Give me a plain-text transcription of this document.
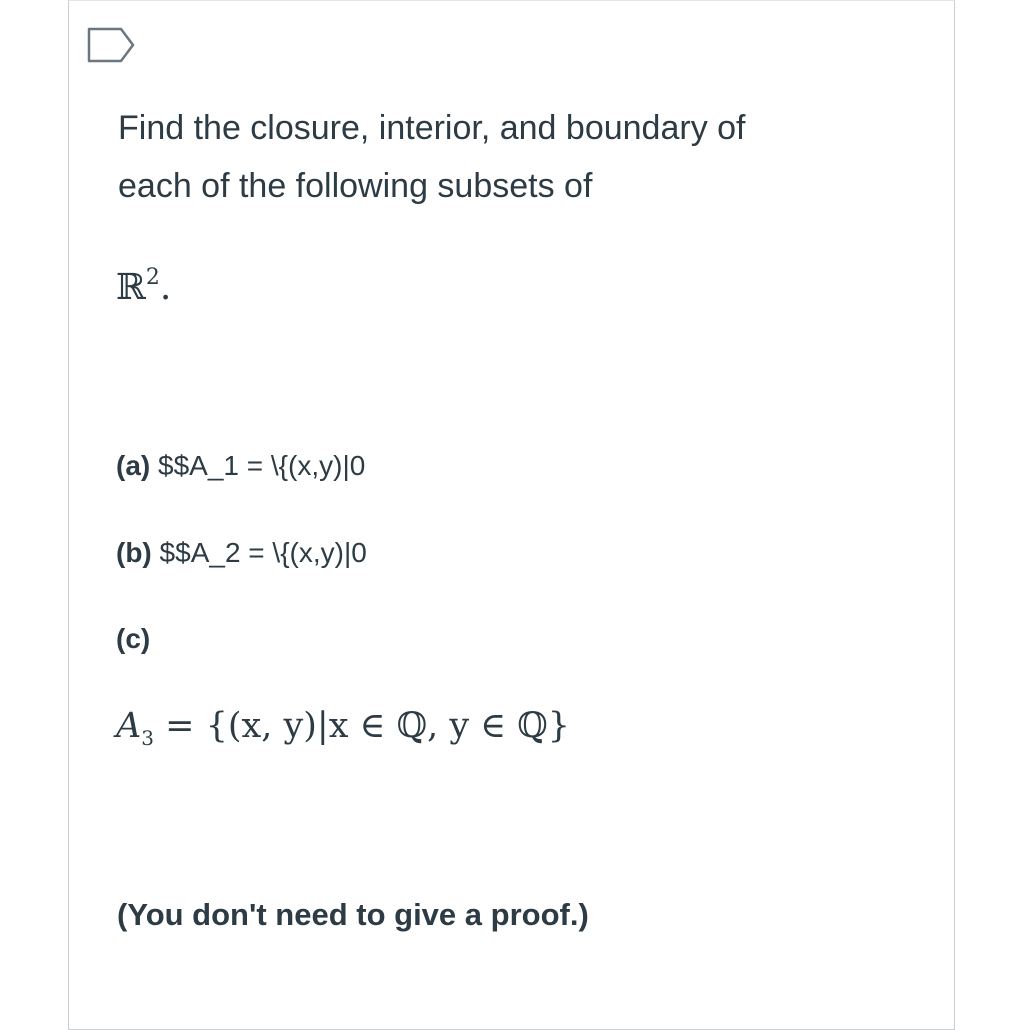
Find the closure, interior, and boundary of
each of the following subsets of
ℝ$^2$.
(a) $$A_1 = \{(x,y)|0
(b) $$A_2 = \{(x,y)|0
(c)
$A_3 = \{(x$, y)|x ∈ ℚ, y ∈ ℚ}
(You don't need to give a proof.)
